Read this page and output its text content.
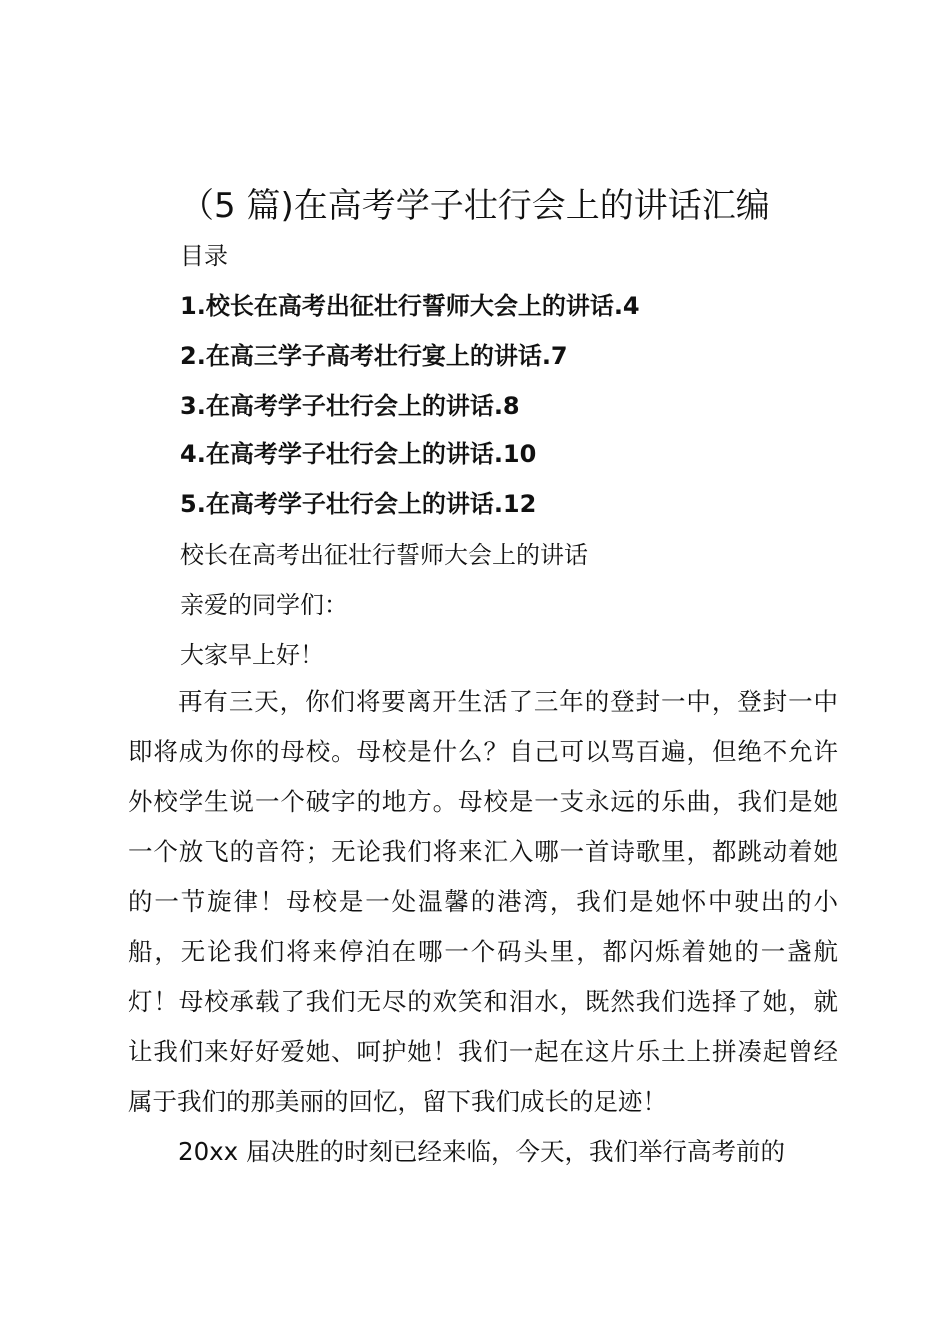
（5 篇)在高考学子壮行会上的讲话汇编
目录
1.校长在高考出征壮行誓师大会上的讲话.4
2.在高三学子高考壮行宴上的讲话.7
3.在高考学子壮行会上的讲话.8
4.在高考学子壮行会上的讲话.10
5.在高考学子壮行会上的讲话.12
校长在高考出征壮行誓师大会上的讲话
亲爱的同学们：
大家早上好！

再有三天，你们将要离开生活了三年的登封一中，登封一中即将成为你的母校。母校是什么？自己可以骂百遍，但绝不允许外校学生说一个破字的地方。母校是一支永远的乐曲，我们是她一个放飞的音符；无论我们将来汇入哪一首诗歌里，都跳动着她的一节旋律！母校是一处温馨的港湾，我们是她怀中驶出的小船，无论我们将来停泊在哪一个码头里，都闪烁着她的一盏航灯！母校承载了我们无尽的欢笑和泪水，既然我们选择了她，就让我们来好好爱她、呵护她！我们一起在这片乐土上拼凑起曾经属于我们的那美丽的回忆，留下我们成长的足迹！

20xx 届决胜的时刻已经来临，今天，我们举行高考前的
